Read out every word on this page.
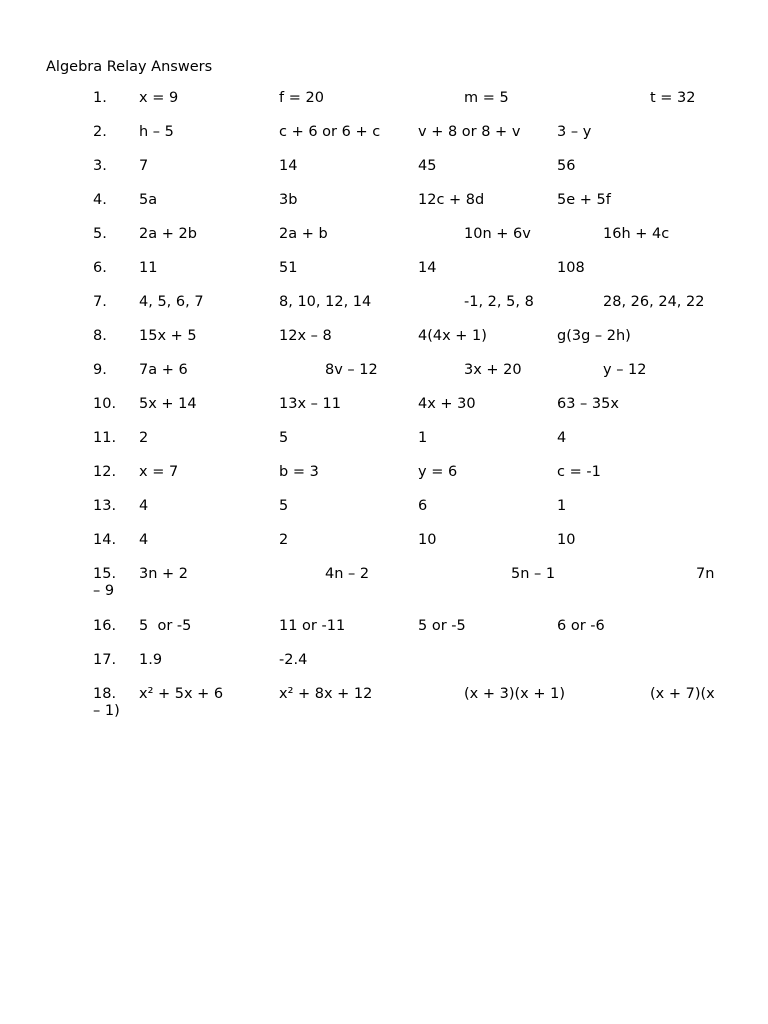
Algebra Relay Answers
1. x = 9	f = 20	m = 5	t = 32
2. h – 5	c + 6 or 6 + c	v + 8 or 8 + v	3 – y
3. 7	14	45	56
4. 5a	3b	12c + 8d	5e + 5f
5. 2a + 2b	2a + b	10n + 6v	16h + 4c
6. 11	51	14	108
7. 4, 5, 6, 7	8, 10, 12, 14	-1, 2, 5, 8	28, 26, 24, 22
8. 15x + 5	12x – 8	4(4x + 1)	g(3g – 2h)
9. 7a + 6	8v – 12	3x + 20	y – 12
10. 5x + 14	13x – 11	4x + 30	63 – 35x
11. 2	5	1	4
12. x = 7	b = 3	y = 6	c = -1
13. 4	5	6	1
14. 4	2	10	10
15. 3n + 2	4n – 2	5n – 1	7n
– 9
16. 5  or -5	11 or -11	5 or -5	6 or -6
17. 1.9	-2.4
18. x² + 5x + 6	x² + 8x + 12	(x + 3)(x + 1)	(x + 7)(x
– 1)
